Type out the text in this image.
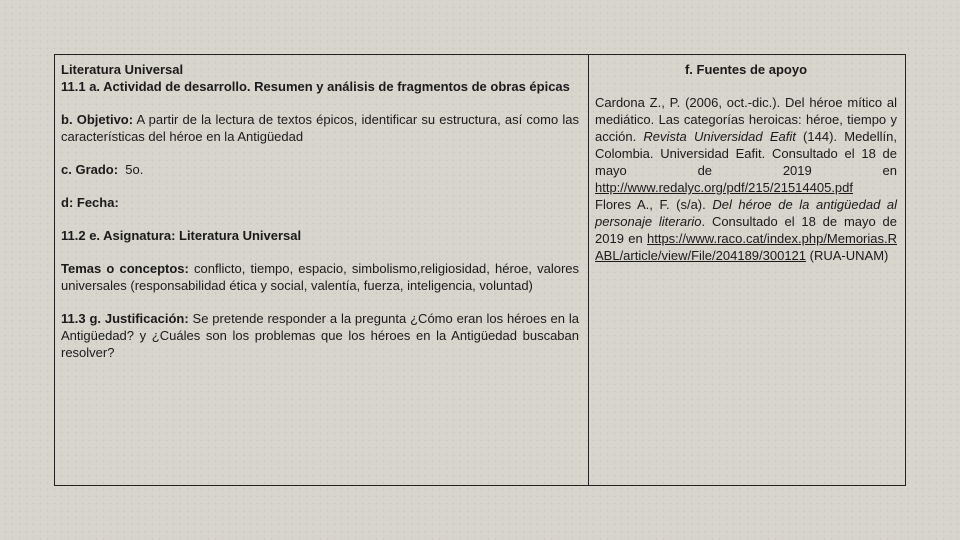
Literatura Universal

11.1 a. Actividad de desarrollo. Resumen y análisis de fragmentos de obras épicas

b. Objetivo: A partir de la lectura de textos épicos, identificar su estructura, así como las características del héroe en la Antigüedad

c. Grado:  5o.

d: Fecha:

11.2 e. Asignatura: Literatura Universal

Temas o conceptos: conflicto, tiempo, espacio, simbolismo,religiosidad, héroe, valores universales (responsabilidad ética y social, valentía, fuerza, inteligencia, voluntad)

11.3 g. Justificación: Se pretende responder a la pregunta ¿Cómo eran los héroes en la Antigüedad? y ¿Cuáles son los problemas que los héroes en la Antigüedad buscaban resolver?

f. Fuentes de apoyo

Cardona Z., P. (2006, oct.-dic.). Del héroe mítico al mediático. Las categorías heroicas: héroe, tiempo y acción. Revista Universidad Eafit (144). Medellín, Colombia. Universidad Eafit. Consultado el 18 de mayo de 2019 en http://www.redalyc.org/pdf/215/21514405.pdf

Flores A., F. (s/a). Del héroe de la antigüedad al personaje literario. Consultado el 18 de mayo de 2019 en https://www.raco.cat/index.php/Memorias.RABL/article/view/File/204189/300121 (RUA-UNAM)
